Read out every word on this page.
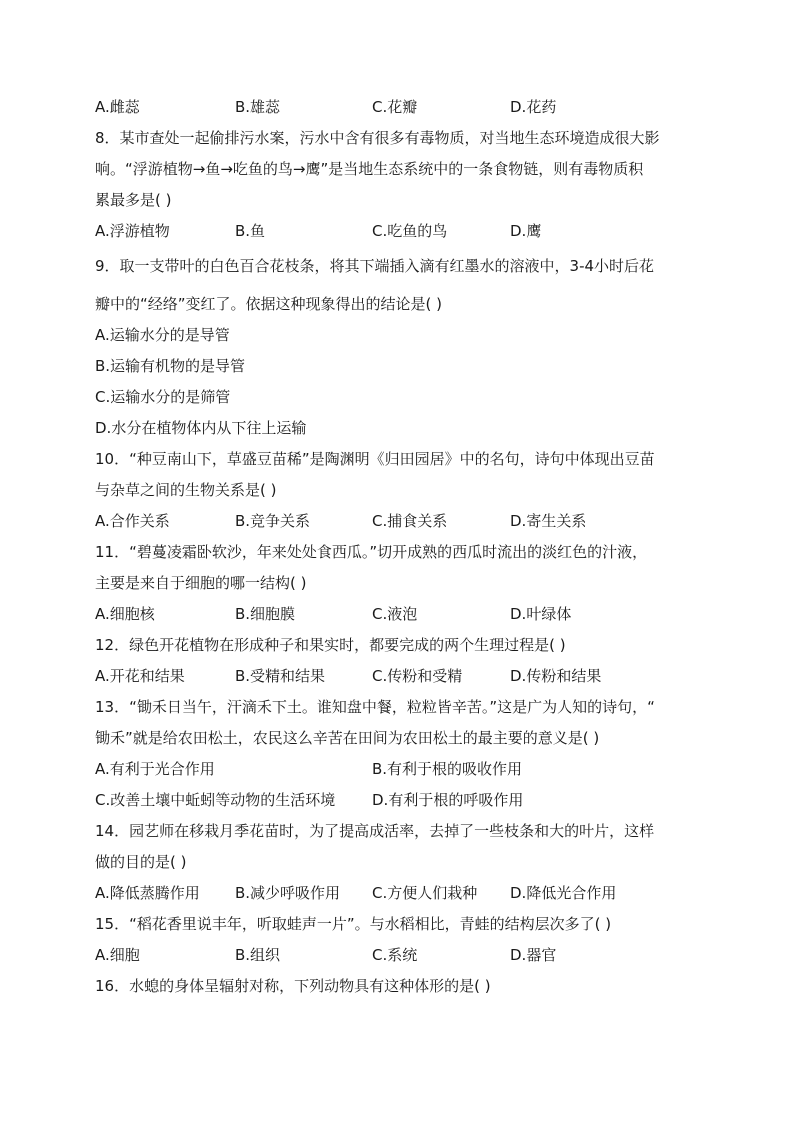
A.雌蕊	B.雄蕊	C.花瓣	D.花药
8．某市查处一起偷排污水案，污水中含有很多有毒物质，对当地生态环境造成很大影
响。“浮游植物→鱼→吃鱼的鸟→鹰”是当地生态系统中的一条食物链，则有毒物质积
累最多是( )
A.浮游植物	B.鱼	C.吃鱼的鸟	D.鹰
9．取一支带叶的白色百合花枝条，将其下端插入滴有红墨水的溶液中，3-4小时后花
瓣中的“经络”变红了。依据这种现象得出的结论是( )
A.运输水分的是导管
B.运输有机物的是导管
C.运输水分的是筛管
D.水分在植物体内从下往上运输
10．“种豆南山下，草盛豆苗稀”是陶渊明《归田园居》中的名句，诗句中体现出豆苗
与杂草之间的生物关系是( )
A.合作关系	B.竞争关系	C.捕食关系	D.寄生关系
11．“碧蔓凌霜卧软沙，年来处处食西瓜。”切开成熟的西瓜时流出的淡红色的汁液，
主要是来自于细胞的哪一结构( )
A.细胞核	B.细胞膜	C.液泡	D.叶绿体
12．绿色开花植物在形成种子和果实时，都要完成的两个生理过程是( )
A.开花和结果	B.受精和结果	C.传粉和受精	D.传粉和结果
13．“锄禾日当午，汗滴禾下土。谁知盘中餐，粒粒皆辛苦。”这是广为人知的诗句，“
锄禾”就是给农田松土，农民这么辛苦在田间为农田松土的最主要的意义是( )
A.有利于光合作用	B.有利于根的吸收作用
C.改善土壤中蚯蚓等动物的生活环境 D.有利于根的呼吸作用
14．园艺师在移栽月季花苗时，为了提高成活率，去掉了一些枝条和大的叶片，这样
做的目的是( )
A.降低蒸腾作用 B.减少呼吸作用 C.方便人们栽种 D.降低光合作用
15．“稻花香里说丰年，听取蛙声一片”。与水稻相比，青蛙的结构层次多了( )
A.细胞	B.组织	C.系统	D.器官
16．水螅的身体呈辐射对称，下列动物具有这种体形的是( )
